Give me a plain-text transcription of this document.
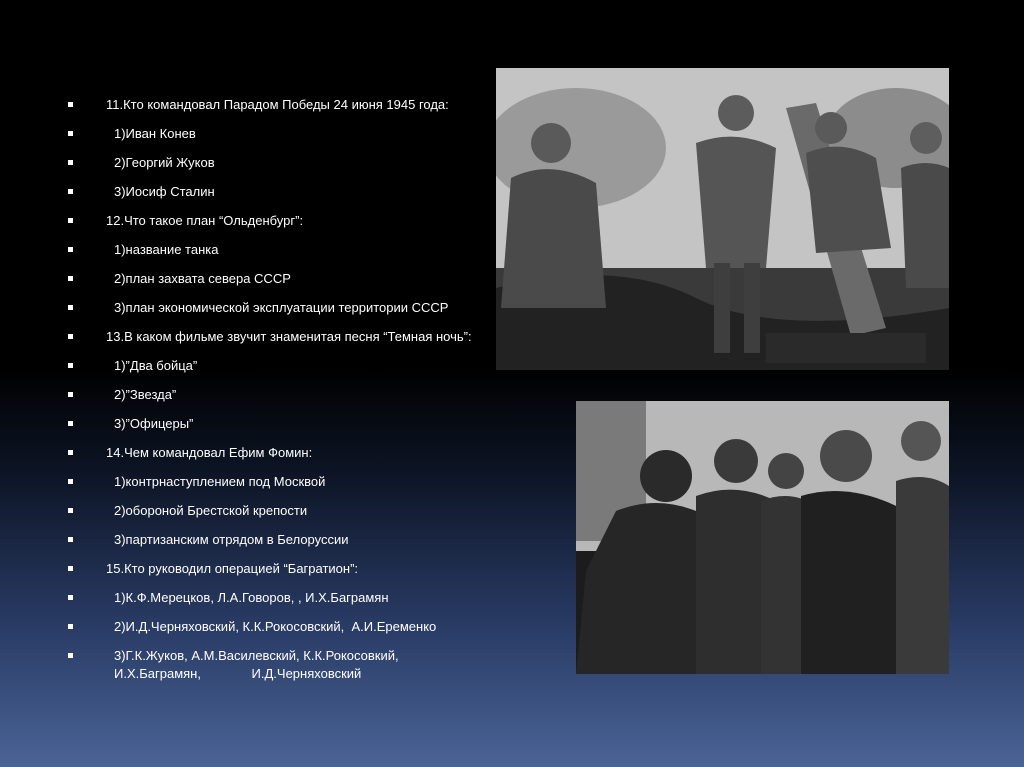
11.Кто командовал Парадом Победы 24 июня 1945 года:
1)Иван Конев
2)Георгий Жуков
3)Иосиф Сталин
12.Что такое план “Ольденбург”:
1)название танка
2)план захвата севера СССР
3)план экономической эксплуатации территории СССР
13.В каком фильме звучит знаменитая песня “Темная ночь”:
1)”Два бойца”
2)”Звезда”
3)”Офицеры”
14.Чем командовал Ефим Фомин:
1)контрнаступлением под Москвой
2)обороной Брестской крепости
3)партизанским отрядом в Белоруссии
15.Кто руководил операцией “Багратион”:
1)К.Ф.Мерецков, Л.А.Говоров, , И.Х.Баграмян
2)И.Д.Черняховский, К.К.Рокосовский,  А.И.Еременко
3)Г.К.Жуков, А.М.Василевский, К.К.Рокосовкий,
И.Х.Баграмян,              И.Д.Черняховский
